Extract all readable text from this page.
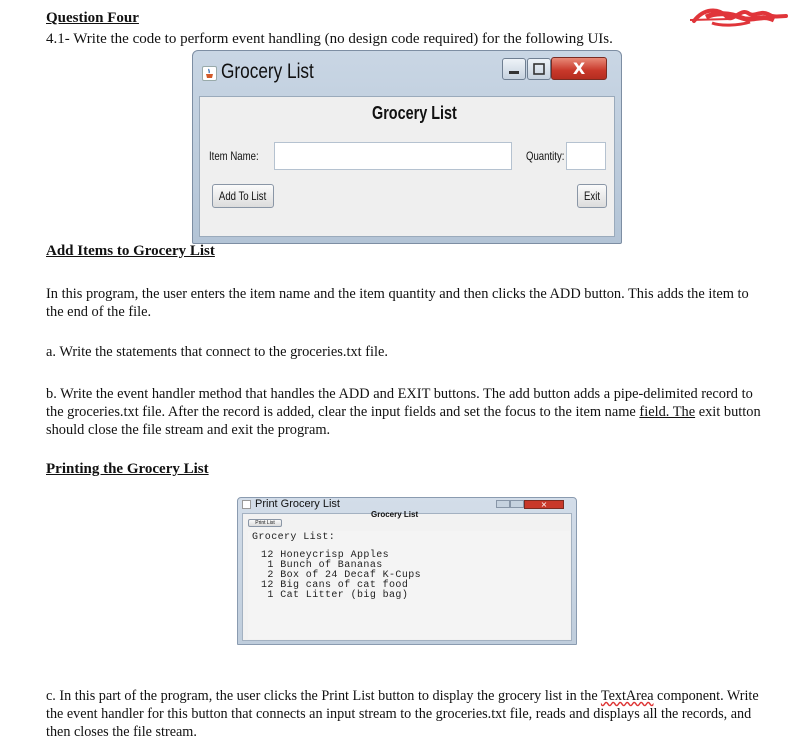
Question Four
4.1- Write the code to perform event handling (no design code required) for the following UIs.
Grocery List	X
Grocery List
Item Name:	Quantity:
Add To List	Exit
Add Items to Grocery List
In this program, the user enters the item name and the item quantity and then clicks the ADD button. This adds the item to the end of the file.
a. Write the statements that connect to the groceries.txt file.
b. Write the event handler method that handles the ADD and EXIT buttons. The add button adds a pipe-delimited record to the groceries.txt file. After the record is added, clear the input fields and set the focus to the item name field. The exit button should close the file stream and exit the program.
Printing the Grocery List
Print Grocery List	×
Grocery List
Print List
Grocery List:
12 Honeycrisp Apples
1 Bunch of Bananas
2 Box of 24 Decaf K-Cups
12 Big cans of cat food
1 Cat Litter (big bag)
c. In this part of the program, the user clicks the Print List button to display the grocery list in the TextArea component. Write the event handler for this button that connects an input stream to the groceries.txt file, reads and displays all the records, and then closes the file stream.
